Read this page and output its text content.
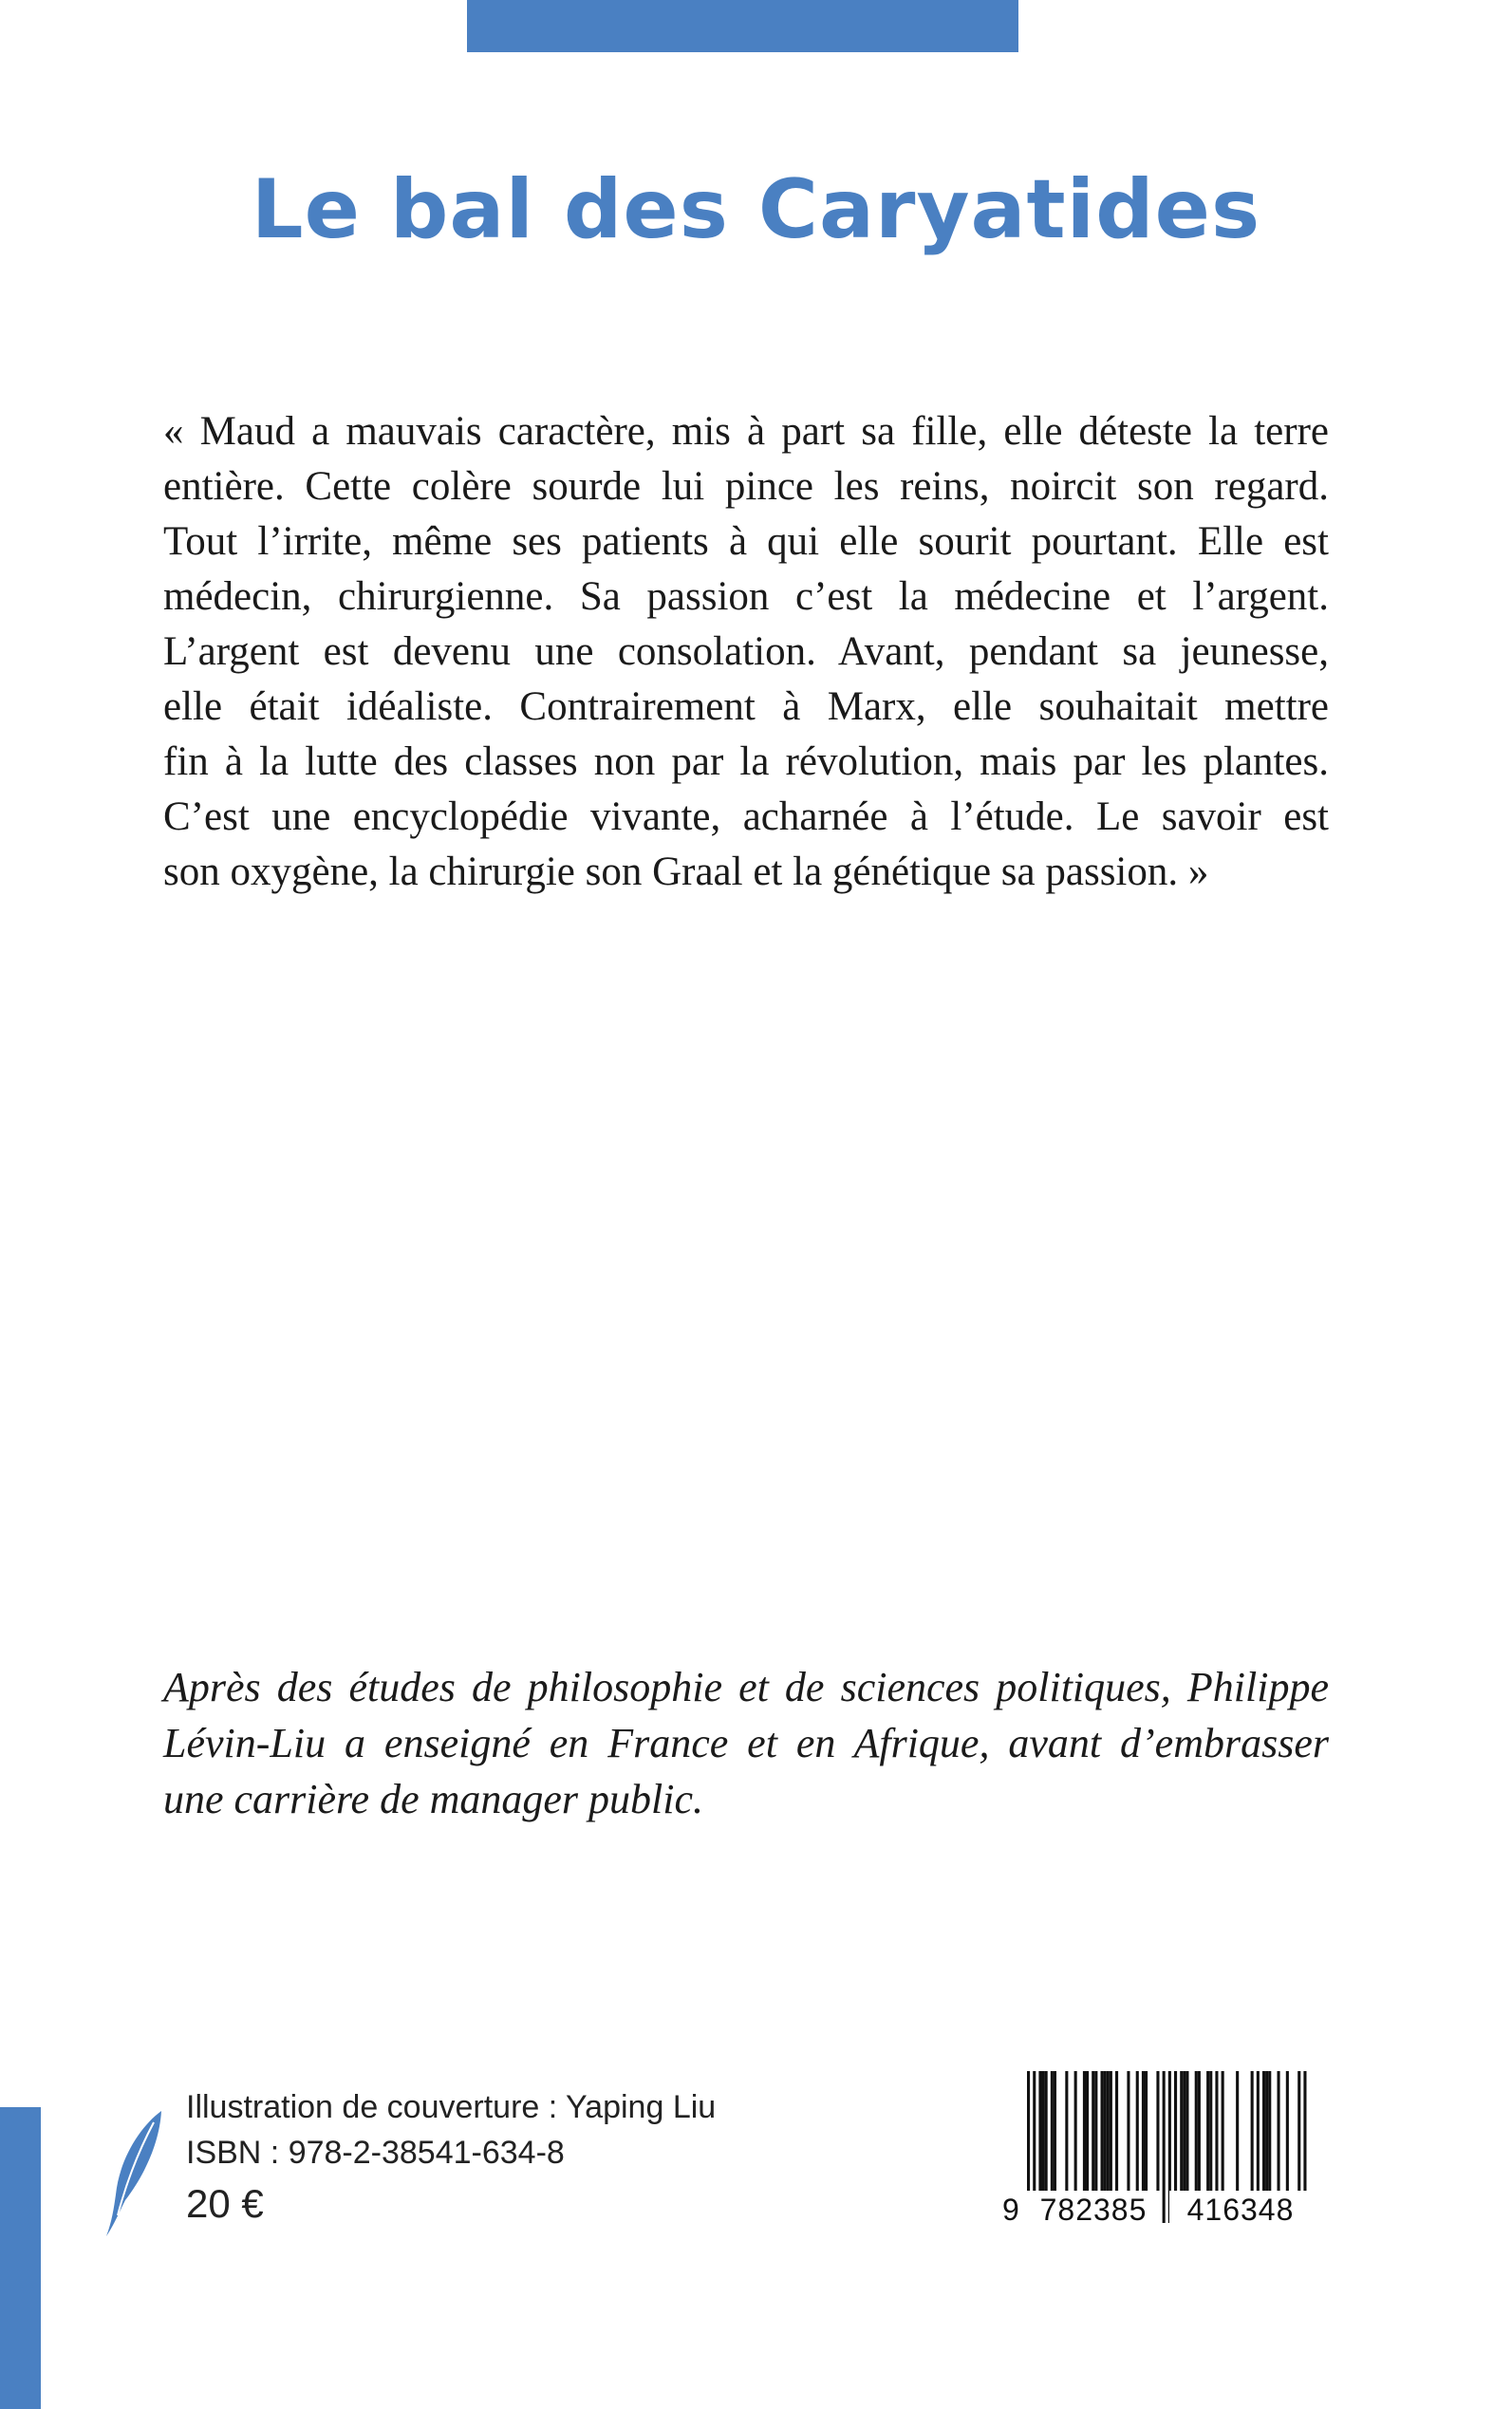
Le bal des Caryatides
« Maud a mauvais caractère, mis à part sa fille, elle déteste la terre
entière. Cette colère sourde lui pince les reins, noircit son regard.
Tout l’irrite, même ses patients à qui elle sourit pourtant. Elle est
médecin, chirurgienne. Sa passion c’est la médecine et l’argent.
L’argent est devenu une consolation. Avant, pendant sa jeunesse,
elle était idéaliste. Contrairement à Marx, elle souhaitait mettre
fin à la lutte des classes non par la révolution, mais par les plantes.
C’est une encyclopédie vivante, acharnée à l’étude. Le savoir est
son oxygène, la chirurgie son Graal et la génétique sa passion. »
Après des études de philosophie et de sciences politiques, Philippe
Lévin-Liu a enseigné en France et en Afrique, avant d’embrasser
une carrière de manager public.
Illustration de couverture : Yaping Liu
ISBN : 978-2-38541-634-8
20 €	9 782385	416348
